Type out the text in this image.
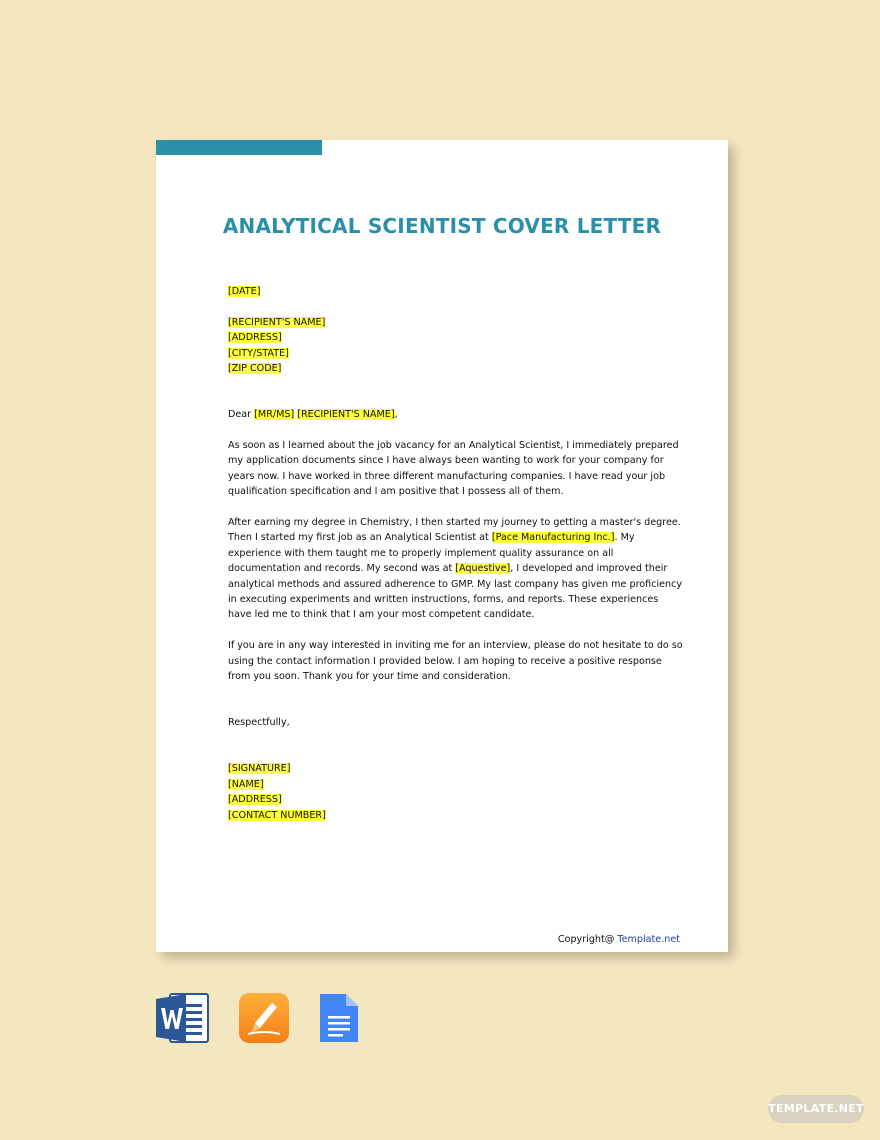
ANALYTICAL SCIENTIST COVER LETTER

[DATE]

[RECIPIENT'S NAME]
[ADDRESS]
[CITY/STATE]
[ZIP CODE]

Dear [MR/MS] [RECIPIENT'S NAME],

As soon as I learned about the job vacancy for an Analytical Scientist, I immediately prepared my application documents since I have always been wanting to work for your company for years now. I have worked in three different manufacturing companies. I have read your job qualification specification and I am positive that I possess all of them.

After earning my degree in Chemistry, I then started my journey to getting a master's degree. Then I started my first job as an Analytical Scientist at [Pace Manufacturing Inc.]. My experience with them taught me to properly implement quality assurance on all documentation and records. My second was at [Aquestive], I developed and improved their analytical methods and assured adherence to GMP. My last company has given me proficiency in executing experiments and written instructions, forms, and reports. These experiences have led me to think that I am your most competent candidate.

If you are in any way interested in inviting me for an interview, please do not hesitate to do so using the contact information I provided below. I am hoping to receive a positive response from you soon. Thank you for your time and consideration.

Respectfully,

[SIGNATURE]
[NAME]
[ADDRESS]
[CONTACT NUMBER]

Copyright@ Template.net
TEMPLATE.NET
